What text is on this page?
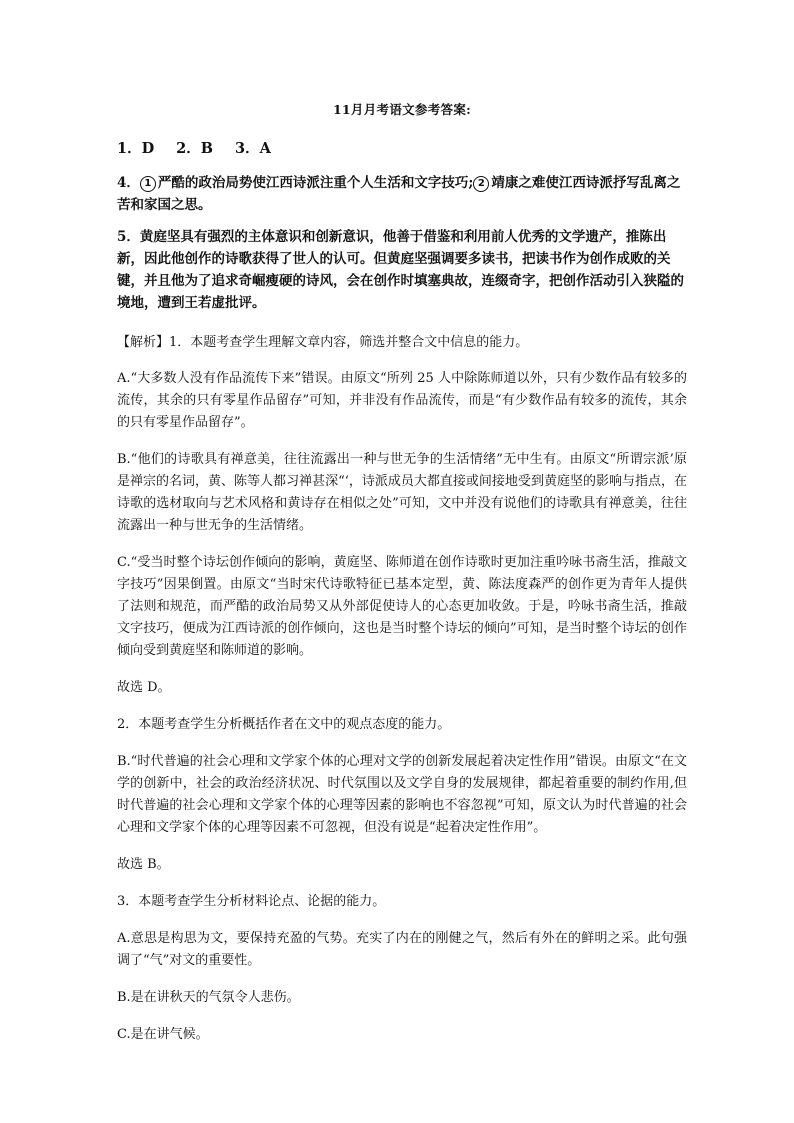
11月月考语文参考答案:
1．D 2．B 3．A
4． 1 严酷的政治局势使江西诗派注重个人生活和文字技巧; 2 靖康之难使江西诗派抒写乱离之苦和家国之思。
5．黄庭坚具有强烈的主体意识和创新意识，他善于借鉴和利用前人优秀的文学遗产，推陈出新，因此他创作的诗歌获得了世人的认可。但黄庭坚强调要多读书，把读书作为创作成败的关键，并且他为了追求奇崛瘦硬的诗风，会在创作时填塞典故，连缀奇字，把创作活动引入狭隘的境地，遭到王若虚批评。
【解析】1．本题考查学生理解文章内容，筛选并整合文中信息的能力。
A.“大多数人没有作品流传下来”错误。由原文“所列 25 人中除陈师道以外，只有少数作品有较多的流传，其余的只有零星作品留存”可知，并非没有作品流传，而是“有少数作品有较多的流传，其余的只有零星作品留存”。
B.“他们的诗歌具有禅意美，往往流露出一种与世无争的生活情绪”无中生有。由原文“所谓宗派’原是禅宗的名词，黄、陈等人都习禅甚深“‘，诗派成员大都直接或间接地受到黄庭坚的影响与指点，在诗歌的选材取向与艺术风格和黄诗存在相似之处”可知，文中并没有说他们的诗歌具有禅意美，往往流露出一种与世无争的生活情绪。
C.“受当时整个诗坛创作倾向的影响，黄庭坚、陈师道在创作诗歌时更加注重吟咏书斋生活，推敲文字技巧”因果倒置。由原文“当时宋代诗歌特征已基本定型，黄、陈法度森严的创作更为青年人提供了法则和规范，而严酷的政治局势又从外部促使诗人的心态更加收敛。于是，吟咏书斋生活，推敲文字技巧，便成为江西诗派的创作倾向，这也是当时整个诗坛的倾向”可知，是当时整个诗坛的创作倾向受到黄庭坚和陈师道的影响。
故选 D。
2．本题考查学生分析概括作者在文中的观点态度的能力。
B.“时代普遍的社会心理和文学家个体的心理对文学的创新发展起着决定性作用”错误。由原文“在文学的创新中，社会的政治经济状况、时代氛围以及文学自身的发展规律，都起着重要的制约作用,但时代普遍的社会心理和文学家个体的心理等因素的影响也不容忽视”可知，原文认为时代普遍的社会心理和文学家个体的心理等因素不可忽视，但没有说是“起着决定性作用”。
故选 B。
3．本题考查学生分析材料论点、论据的能力。
A.意思是构思为文，要保持充盈的气势。充实了内在的刚健之气，然后有外在的鲜明之采。此句强调了“气”对文的重要性。
B.是在讲秋天的气氛令人悲伤。
C.是在讲气候。
